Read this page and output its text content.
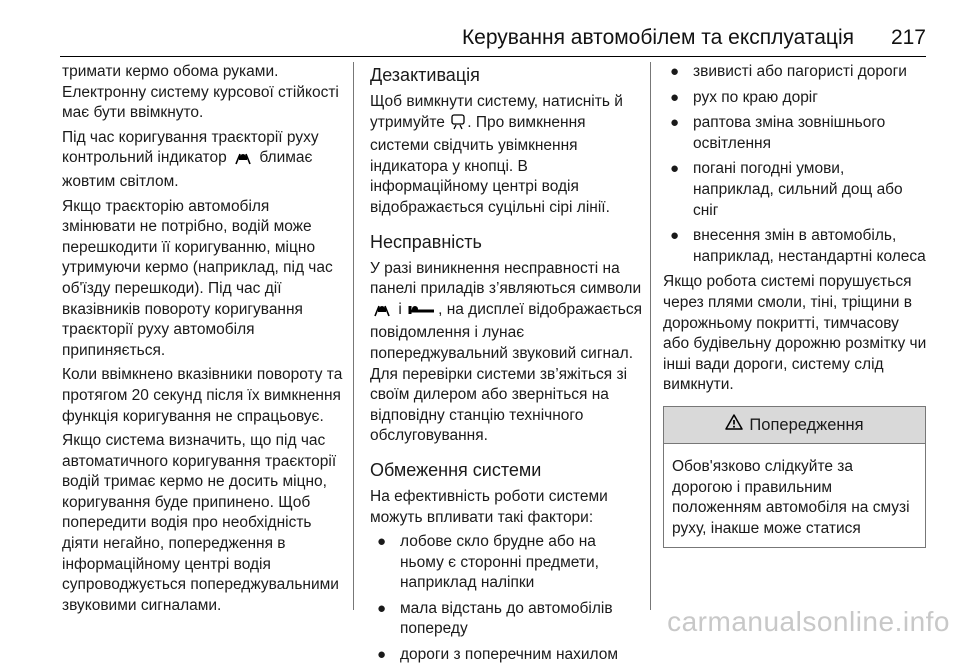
Керування автомобілем та експлуатація 217

тримати кермо обома руками. Електронну систему курсової стійкості має бути ввімкнуто.

Під час коригування траєкторії руху контрольний індикатор блимає жовтим світлом.

Якщо траєкторію автомобіля змінювати не потрібно, водій може перешкодити її коригуванню, міцно утримуючи кермо (наприклад, під час об'їзду перешкоди). Під час дії вказівників повороту коригування траєкторії руху автомобіля припиняється.

Коли ввімкнено вказівники повороту та протягом 20 секунд після їх вимкнення функція коригування не спрацьовує.

Якщо система визначить, що під час автоматичного коригування траєкторії водій тримає кермо не досить міцно, коригування буде припинено. Щоб попередити водія про необхідність діяти негайно, попередження в інформаційному центрі водія супроводжується попереджувальними звуковими сигналами.

Дезактивація

Щоб вимкнути систему, натисніть й утримуйте . Про вимкнення системи свідчить увімкнення індикатора у кнопці. В інформаційному центрі водія відображається суцільні сірі лінії.

Несправність

У разі виникнення несправності на панелі приладів з’являються символи  і , на дисплеї відображається повідомлення і лунає попереджувальний звуковий сигнал. Для перевірки системи зв’яжіться зі своїм дилером або зверніться на відповідну станцію технічного обслуговування.

Обмеження системи

На ефективність роботи системи можуть впливати такі фактори:

● лобове скло брудне або на ньому є сторонні предмети, наприклад наліпки
● мала відстань до автомобілів попереду
● дороги з поперечним нахилом
● звивисті або пагористі дороги
● рух по краю доріг
● раптова зміна зовнішнього освітлення
● погані погодні умови, наприклад, сильний дощ або сніг
● внесення змін в автомобіль, наприклад, нестандартні колеса

Якщо робота системі порушується через плями смоли, тіні, тріщини в дорожньому покритті, тимчасову або будівельну дорожню розмітку чи інші вади дороги, систему слід вимкнути.

Попередження
Обов'язково слідкуйте за дорогою і правильним положенням автомобіля на смузі руху, інакше може статися
carmanualsonline.info
